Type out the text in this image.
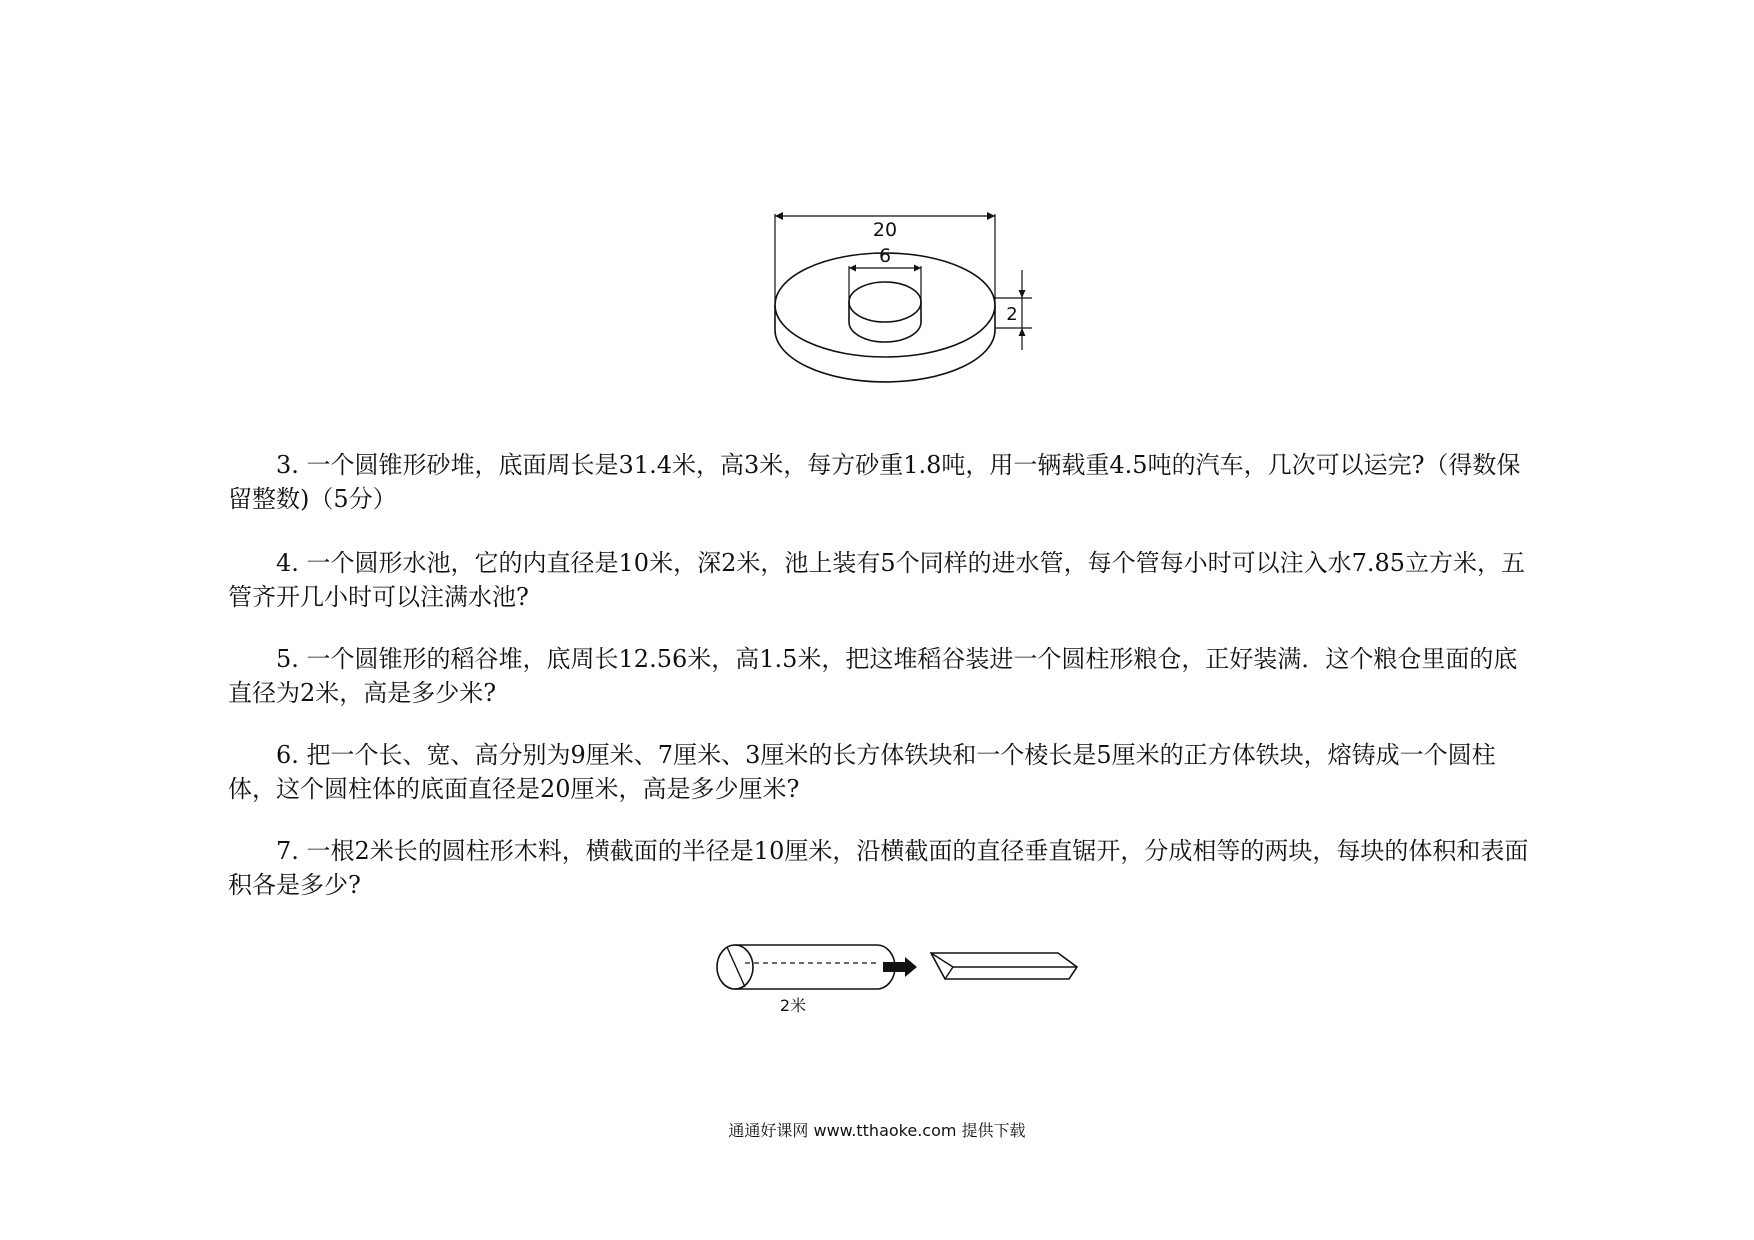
20
6
2

3. 一个圆锥形砂堆，底面周长是31.4米，高3米，每方砂重1.8吨，用一辆载重4.5吨的汽车，几次可以运完?（得数保留整数)（5分）

4. 一个圆形水池，它的内直径是10米，深2米，池上装有5个同样的进水管，每个管每小时可以注入水7.85立方米，五管齐开几小时可以注满水池?

5. 一个圆锥形的稻谷堆，底周长12.56米，高1.5米，把这堆稻谷装进一个圆柱形粮仓，正好装满．这个粮仓里面的底直径为2米，高是多少米?

6. 把一个长、宽、高分别为9厘米、7厘米、3厘米的长方体铁块和一个棱长是5厘米的正方体铁块，熔铸成一个圆柱体，这个圆柱体的底面直径是20厘米，高是多少厘米?

7. 一根2米长的圆柱形木料，横截面的半径是10厘米，沿横截面的直径垂直锯开，分成相等的两块，每块的体积和表面积各是多少?

2米
通通好课网 www.tthaoke.com 提供下载
